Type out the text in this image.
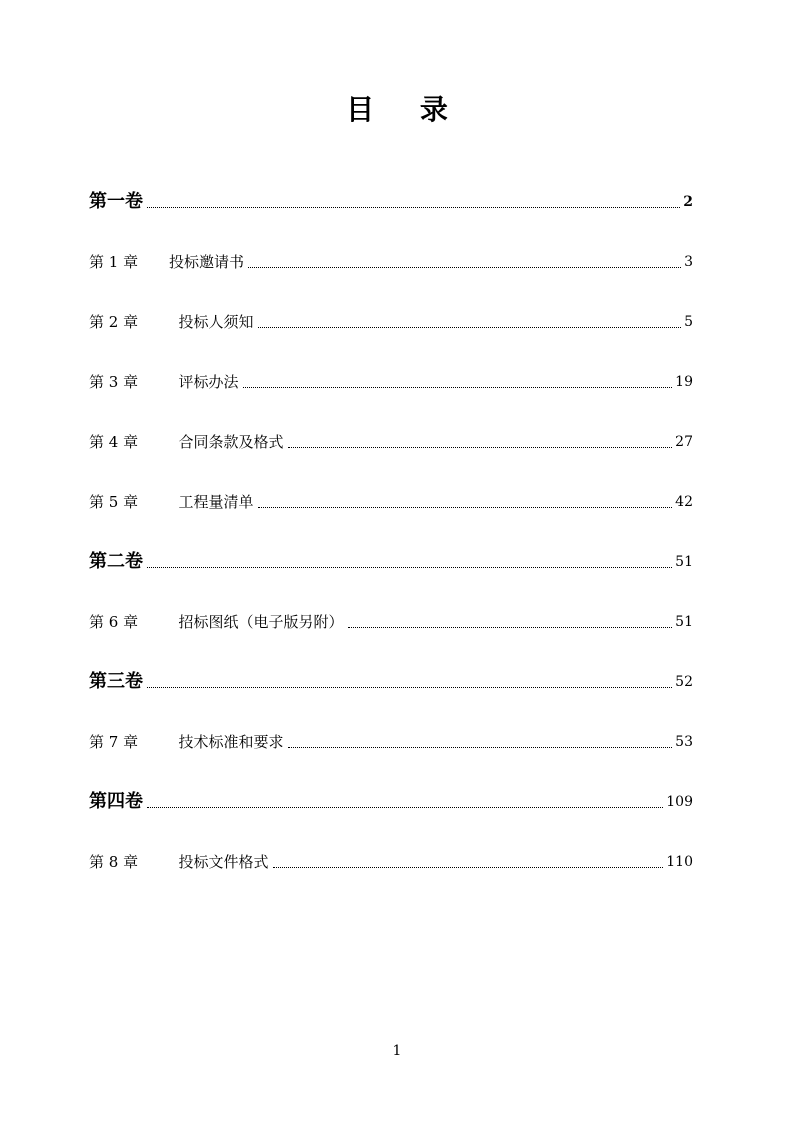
目 录
第一卷	2
第 1 章	投标邀请书	3
第 2 章	投标人须知	5
第 3 章	评标办法	19
第 4 章	合同条款及格式	27
第 5 章	工程量清单	42
第二卷	51
第 6 章	招标图纸（电子版另附）	51
第三卷	52
第 7 章	技术标准和要求	53
第四卷	109
第 8 章	投标文件格式	110
1
